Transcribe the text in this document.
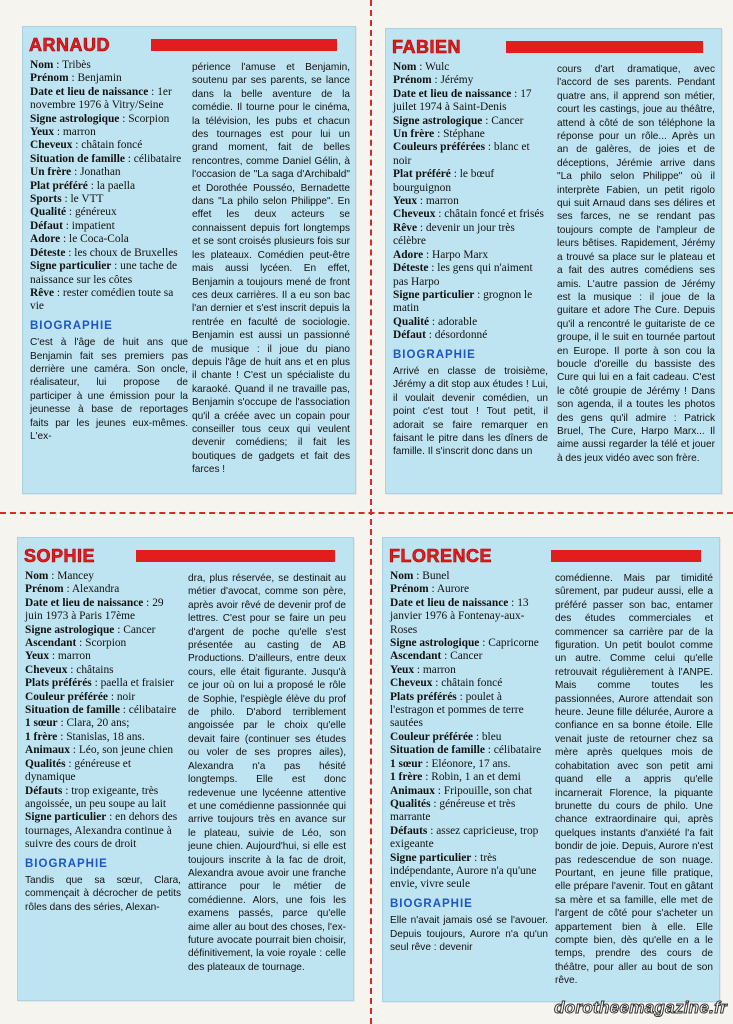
ARNAUD
Nom : Tribès
Prénom : Benjamin
Date et lieu de naissance : 1er novembre 1976 à Vitry/Seine
Signe astrologique : Scorpion
Yeux : marron
Cheveux : châtain foncé
Situation de famille : célibataire
Un frère : Jonathan
Plat préféré : la paella
Sports : le VTT
Qualité : généreux
Défaut : impatient
Adore : le Coca-Cola
Déteste : les choux de Bruxelles
Signe particulier : une tache de naissance sur les côtes
Rêve : rester comédien toute sa vie
BIOGRAPHIE
C'est à l'âge de huit ans que Benjamin fait ses premiers pas derrière une caméra. Son oncle, réalisateur, lui propose de participer à une émission pour la jeunesse à base de reportages faits par les jeunes eux-mêmes. L'ex-
périence l'amuse et Benjamin, soutenu par ses parents, se lance dans la belle aventure de la comédie. Il tourne pour le cinéma, la télévision, les pubs et chacun des tournages est pour lui un grand moment, fait de belles rencontres, comme Daniel Gélin, à l'occasion de "La saga d'Archibald" et Dorothée Pousséo, Bernadette dans "La philo selon Philippe". En effet les deux acteurs se connaissent depuis fort longtemps et se sont croisés plusieurs fois sur les plateaux. Comédien peut-être mais aussi lycéen. En effet, Benjamin a toujours mené de front ces deux carrières. Il a eu son bac l'an dernier et s'est inscrit depuis la rentrée en faculté de sociologie. Benjamin est aussi un passionné de musique : il joue du piano depuis l'âge de huit ans et en plus il chante ! C'est un spécialiste du karaoké. Quand il ne travaille pas, Benjamin s'occupe de l'association qu'il a créée avec un copain pour conseiller tous ceux qui veulent devenir comédiens; il fait les boutiques de gadgets et fait des farces !
FABIEN
Nom : Wulc
Prénom : Jérémy
Date et lieu de naissance : 17 juilet 1974 à Saint-Denis
Signe astrologique : Cancer
Un frère : Stéphane
Couleurs préférées : blanc et noir
Plat préféré : le bœuf bourguignon
Yeux : marron
Cheveux : châtain foncé et frisés
Rêve : devenir un jour très célèbre
Adore : Harpo Marx
Déteste : les gens qui n'aiment pas Harpo
Signe particulier : grognon le matin
Qualité : adorable
Défaut : désordonné
BIOGRAPHIE
Arrivé en classe de troisième, Jérémy a dit stop aux études ! Lui, il voulait devenir comédien, un point c'est tout ! Tout petit, il adorait se faire remarquer en faisant le pitre dans les dîners de famille. Il s'inscrit donc dans un
cours d'art dramatique, avec l'accord de ses parents. Pendant quatre ans, il apprend son métier, court les castings, joue au théâtre, attend à côté de son téléphone la réponse pour un rôle... Après un an de galères, de joies et de déceptions, Jérémie arrive dans "La philo selon Philippe" où il interprète Fabien, un petit rigolo qui suit Arnaud dans ses délires et ses farces, ne se rendant pas toujours compte de l'ampleur de leurs bêtises. Rapidement, Jérémy a trouvé sa place sur le plateau et a fait des autres comédiens ses amis. L'autre passion de Jérémy est la musique : il joue de la guitare et adore The Cure. Depuis qu'il a rencontré le guitariste de ce groupe, il le suit en tournée partout en Europe. Il porte à son cou la boucle d'oreille du bassiste des Cure qui lui en a fait cadeau. C'est le côté groupie de Jérémy ! Dans son agenda, il a toutes les photos des gens qu'il admire : Patrick Bruel, The Cure, Harpo Marx... Il aime aussi regarder la télé et jouer à des jeux vidéo avec son frère.
SOPHIE
Nom : Mancey
Prénom : Alexandra
Date et lieu de naissance : 29 juin 1973 à Paris 17ème
Signe astrologique : Cancer
Ascendant : Scorpion
Yeux : marron
Cheveux : châtains
Plats préférés : paella et fraisier
Couleur préférée : noir
Situation de famille : célibataire
1 sœur : Clara, 20 ans;
1 frère : Stanislas, 18 ans.
Animaux : Léo, son jeune chien
Qualités : généreuse et dynamique
Défauts : trop exigeante, très angoissée, un peu soupe au lait
Signe particulier : en dehors des tournages, Alexandra continue à suivre des cours de droit
BIOGRAPHIE
Tandis que sa sœur, Clara, commençait à décrocher de petits rôles dans des séries, Alexan-
dra, plus réservée, se destinait au métier d'avocat, comme son père, après avoir rêvé de devenir prof de lettres. C'est pour se faire un peu d'argent de poche qu'elle s'est présentée au casting de AB Productions. D'ailleurs, entre deux cours, elle était figurante. Jusqu'à ce jour où on lui a proposé le rôle de Sophie, l'espiègle élève du prof de philo. D'abord terriblement angoissée par le choix qu'elle devait faire (continuer ses études ou voler de ses propres ailes), Alexandra n'a pas hésité longtemps. Elle est donc redevenue une lycéenne attentive et une comédienne passionnée qui arrive toujours très en avance sur le plateau, suivie de Léo, son jeune chien. Aujourd'hui, si elle est toujours inscrite à la fac de droit, Alexandra avoue avoir une franche attirance pour le métier de comédienne. Alors, une fois les examens passés, parce qu'elle aime aller au bout des choses, l'ex-future avocate pourrait bien choisir, définitivement, la voie royale : celle des plateaux de tournage.
FLORENCE
Nom : Bunel
Prénom : Aurore
Date et lieu de naissance : 13 janvier 1976 à Fontenay-aux-Roses
Signe astrologique : Capricorne
Ascendant : Cancer
Yeux : marron
Cheveux : châtain foncé
Plats préférés : poulet à l'estragon et pommes de terre sautées
Couleur préférée : bleu
Situation de famille : célibataire
1 sœur : Eléonore, 17 ans.
1 frère : Robin, 1 an et demi
Animaux : Fripouille, son chat
Qualités : généreuse et très marrante
Défauts : assez capricieuse, trop exigeante
Signe particulier : très indépendante, Aurore n'a qu'une envie, vivre seule
BIOGRAPHIE
Elle n'avait jamais osé se l'avouer. Depuis toujours, Aurore n'a qu'un seul rêve : devenir
comédienne. Mais par timidité sûrement, par pudeur aussi, elle a préféré passer son bac, entamer des études commerciales et commencer sa carrière par de la figuration. Un petit boulot comme un autre. Comme celui qu'elle retrouvait régulièrement à l'ANPE. Mais comme toutes les passionnées, Aurore attendait son heure. Jeune fille délurée, Aurore a confiance en sa bonne étoile. Elle venait juste de retourner chez sa mère après quelques mois de cohabitation avec son petit ami quand elle a appris qu'elle incarnerait Florence, la piquante brunette du cours de philo. Une chance extraordinaire qui, après quelques instants d'anxiété l'a fait bondir de joie. Depuis, Aurore n'est pas redescendue de son nuage. Pourtant, en jeune fille pratique, elle prépare l'avenir. Tout en gâtant sa mère et sa famille, elle met de l'argent de côté pour s'acheter un appartement bien à elle. Elle compte bien, dès qu'elle en a le temps, prendre des cours de théâtre, pour aller au bout de son rêve.
dorotheemagazine.fr
